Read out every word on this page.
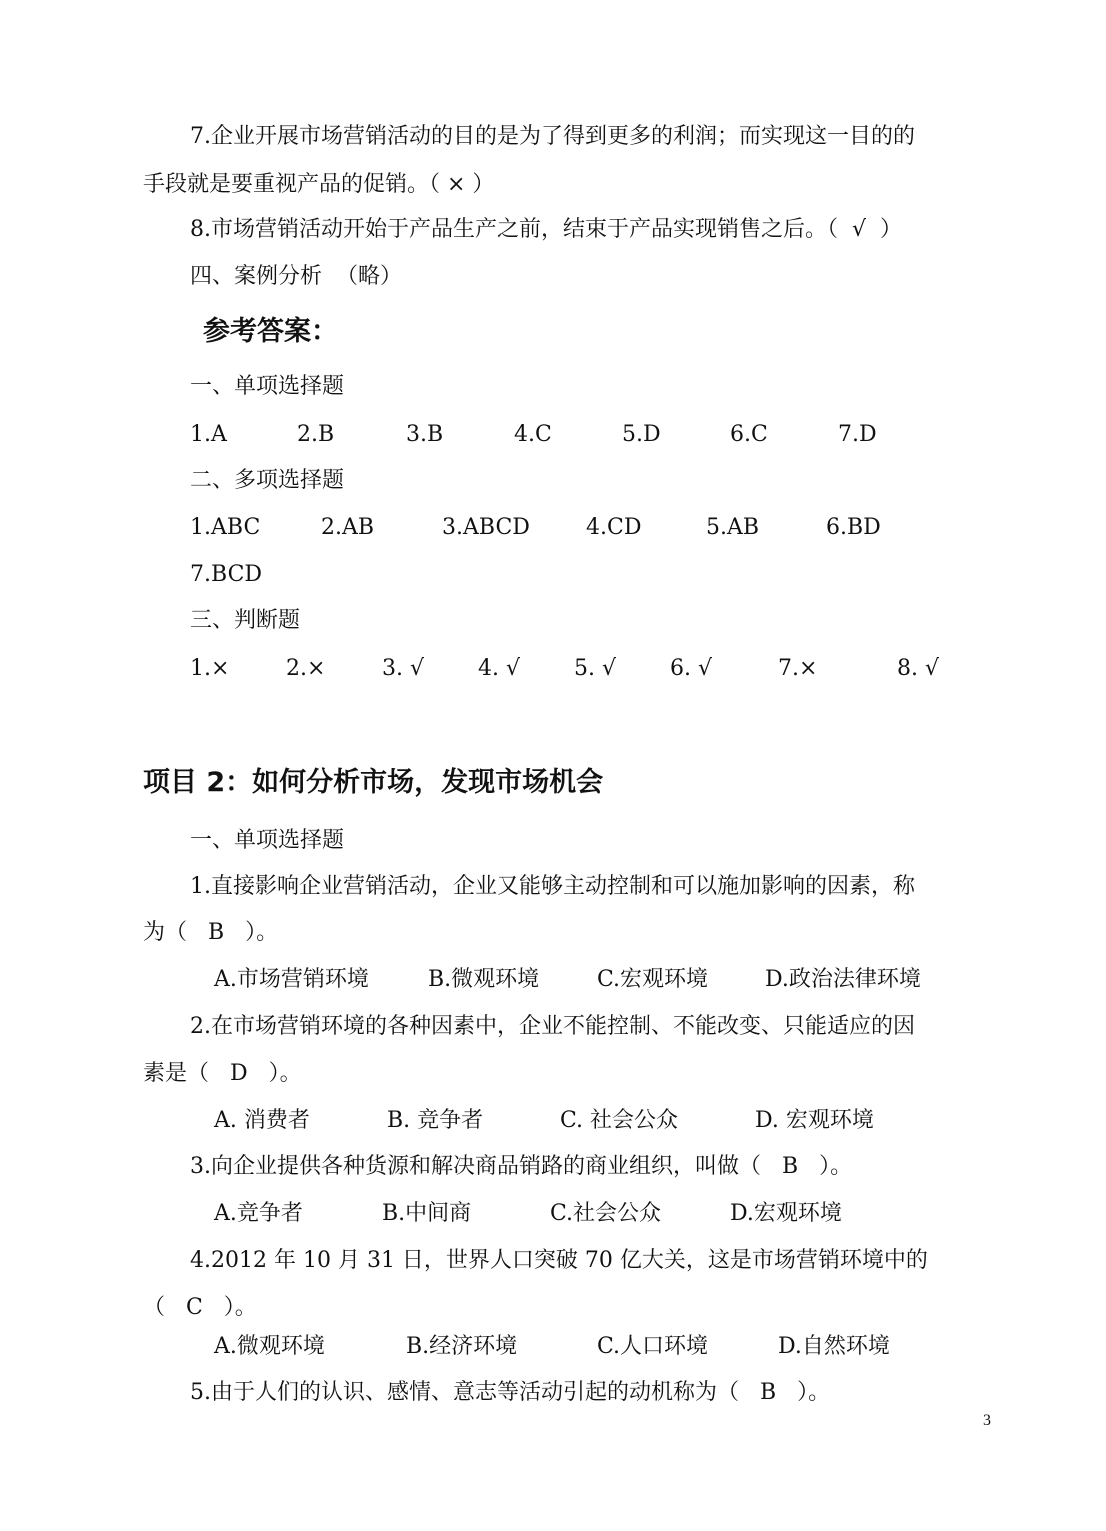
7.企业开展市场营销活动的目的是为了得到更多的利润；而实现这一目的的
手段就是要重视产品的促销。（ × ）
8.市场营销活动开始于产品生产之前，结束于产品实现销售之后。（  √  ）
四、案例分析  （略）
参考答案：
一、单项选择题
1.A	2.B	3.B	4.C	5.D	6.C	7.D
二、多项选择题
1.ABC	2.AB	3.ABCD	4.CD	5.AB	6.BD
7.BCD
三、判断题
1.×	2.×	3. √ 4. √ 5. √ 6. √	7.×	8. √
项目 2：如何分析市场，发现市场机会
一、单项选择题
1.直接影响企业营销活动，企业又能够主动控制和可以施加影响的因素，称
为（   B   ）。
A.市场营销环境	B.微观环境	C.宏观环境	D.政治法律环境
2.在市场营销环境的各种因素中，企业不能控制、不能改变、只能适应的因
素是（   D   ）。
A. 消费者	B. 竞争者	C. 社会公众	D. 宏观环境
3.向企业提供各种货源和解决商品销路的商业组织，叫做（   B   ）。
A.竞争者	B.中间商	C.社会公众	D.宏观环境
4.2012 年 10 月 31 日，世界人口突破 70 亿大关，这是市场营销环境中的
（   C   ）。
A.微观环境	B.经济环境	C.人口环境	D.自然环境
5.由于人们的认识、感情、意志等活动引起的动机称为（   B   ）。
3
